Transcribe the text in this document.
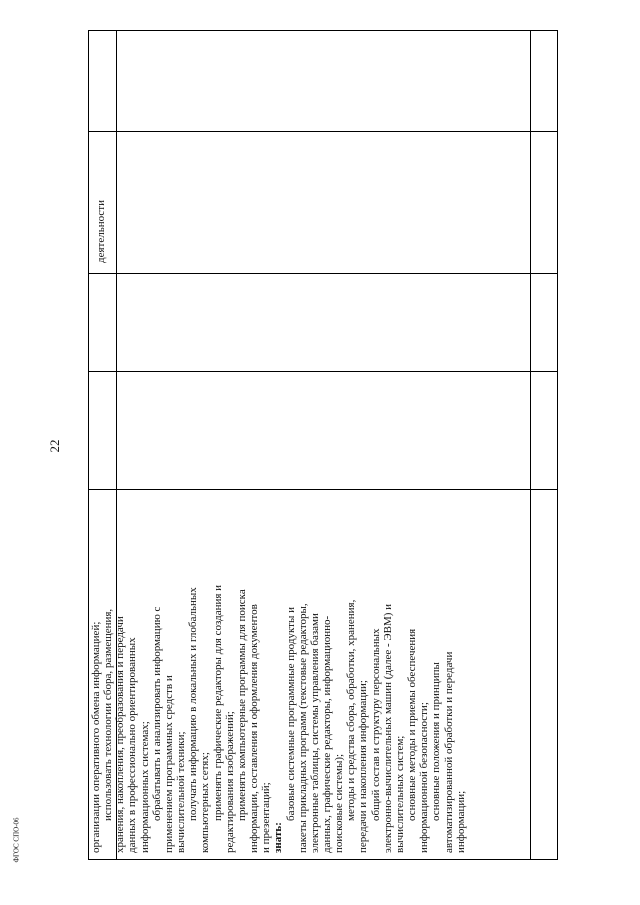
22
ФГОС СПО-06
деятельности

организации оперативного обмена информацией; использовать технологии сбора, размещения, хранения, накопления, преобразования и передачи данных в профессионально ориентированных информационных системах; обрабатывать и анализировать информацию с применением программных средств и вычислительной техники; получать информацию в локальных и глобальных компьютерных сетях; применять графические редакторы для создания и редактирования изображений; применять компьютерные программы для поиска информации, составления и оформления документов и презентаций; знать:

базовые системные программные продукты и пакеты прикладных программ (текстовые редакторы, электронные таблицы, системы управления базами данных, графические редакторы, информационно- поисковые системы); методы и средства сбора, обработки, хранения, передачи и накопления информации; общий состав и структуру персональных электронно-вычислительных машин (далее - ЭВМ) и вычислительных систем; основные методы и приемы обеспечения информационной безопасности; основные положения и принципы автоматизированной обработки и передачи информации;
